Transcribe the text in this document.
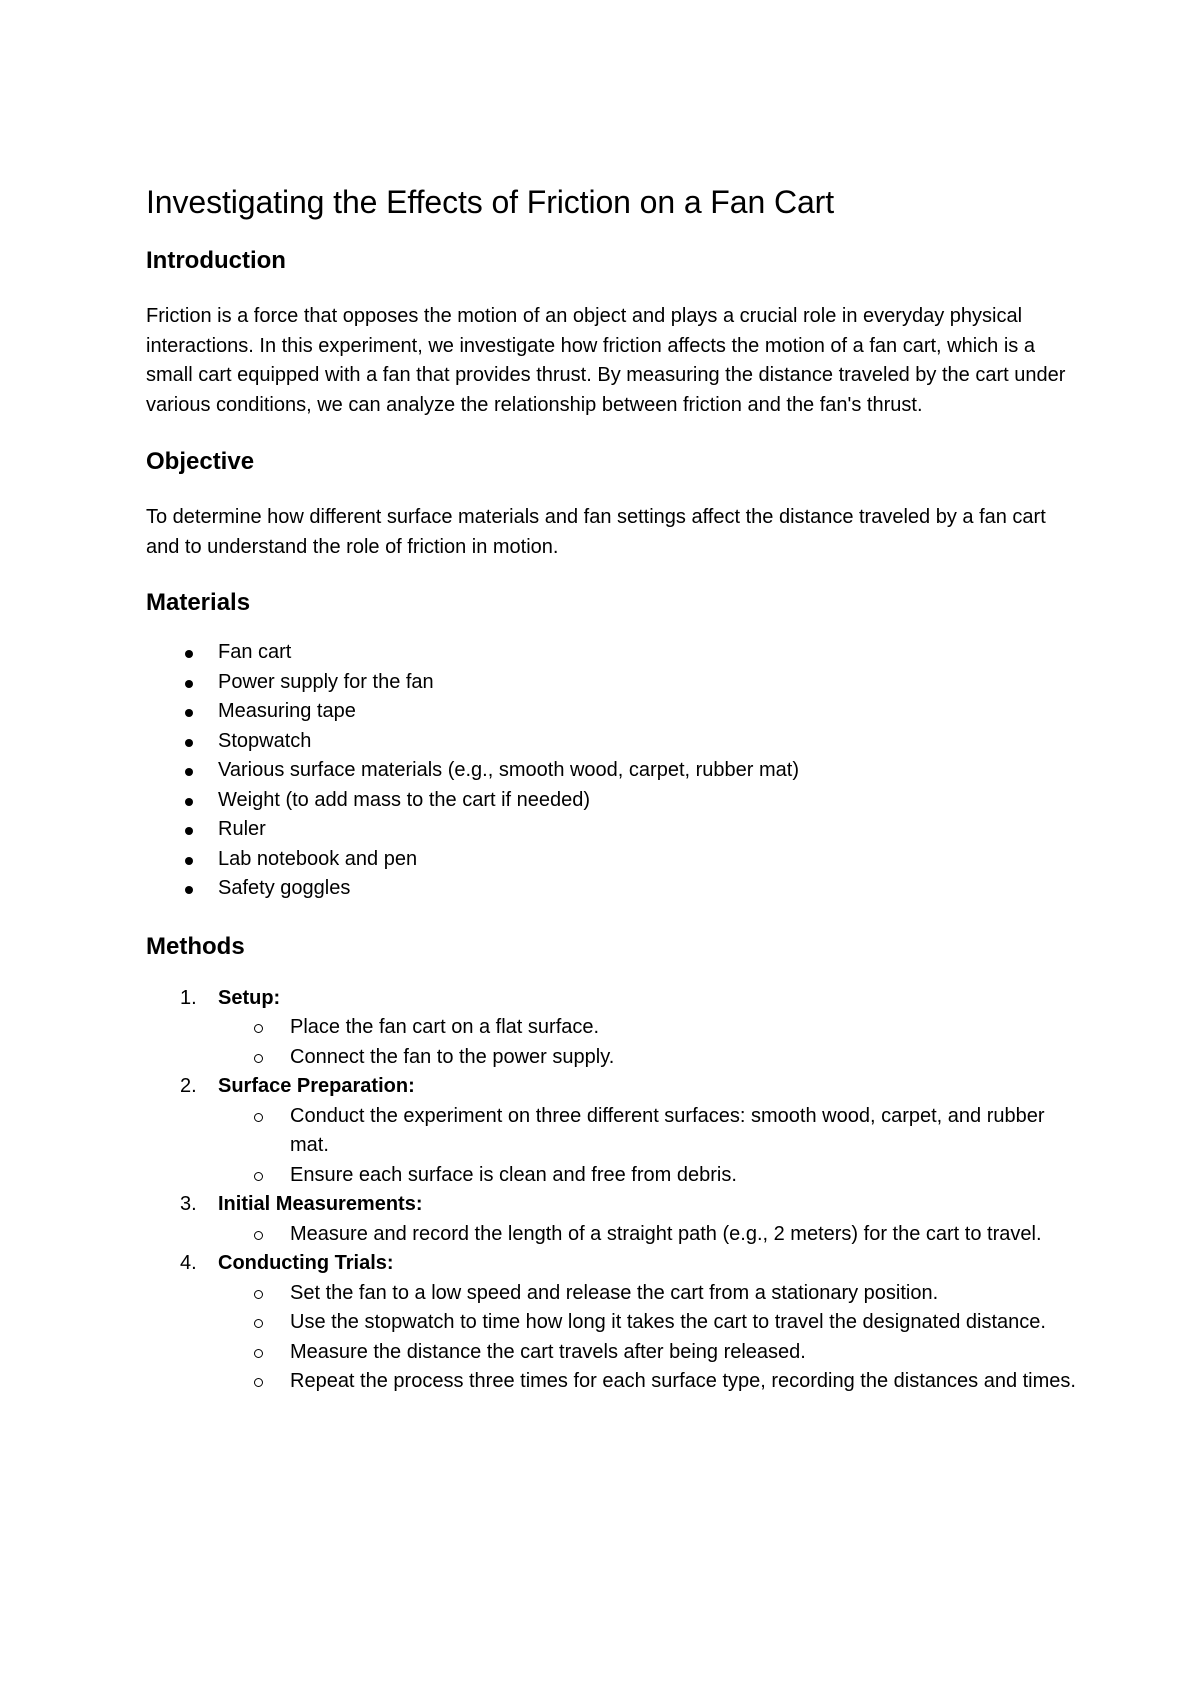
Investigating the Effects of Friction on a Fan Cart
Introduction

Friction is a force that opposes the motion of an object and plays a crucial role in everyday physical interactions. In this experiment, we investigate how friction affects the motion of a fan cart, which is a small cart equipped with a fan that provides thrust. By measuring the distance traveled by the cart under various conditions, we can analyze the relationship between friction and the fan's thrust.

Objective

To determine how different surface materials and fan settings affect the distance traveled by a fan cart and to understand the role of friction in motion.

Materials
Fan cart
Power supply for the fan
Measuring tape
Stopwatch
Various surface materials (e.g., smooth wood, carpet, rubber mat)
Weight (to add mass to the cart if needed)
Ruler
Lab notebook and pen
Safety goggles
Methods
1. Setup:
Place the fan cart on a flat surface.
Connect the fan to the power supply.
2. Surface Preparation:
Conduct the experiment on three different surfaces: smooth wood, carpet, and rubber mat.
Ensure each surface is clean and free from debris.
3. Initial Measurements:
Measure and record the length of a straight path (e.g., 2 meters) for the cart to travel.
4. Conducting Trials:
Set the fan to a low speed and release the cart from a stationary position.
Use the stopwatch to time how long it takes the cart to travel the designated distance.
Measure the distance the cart travels after being released.
Repeat the process three times for each surface type, recording the distances and times.
